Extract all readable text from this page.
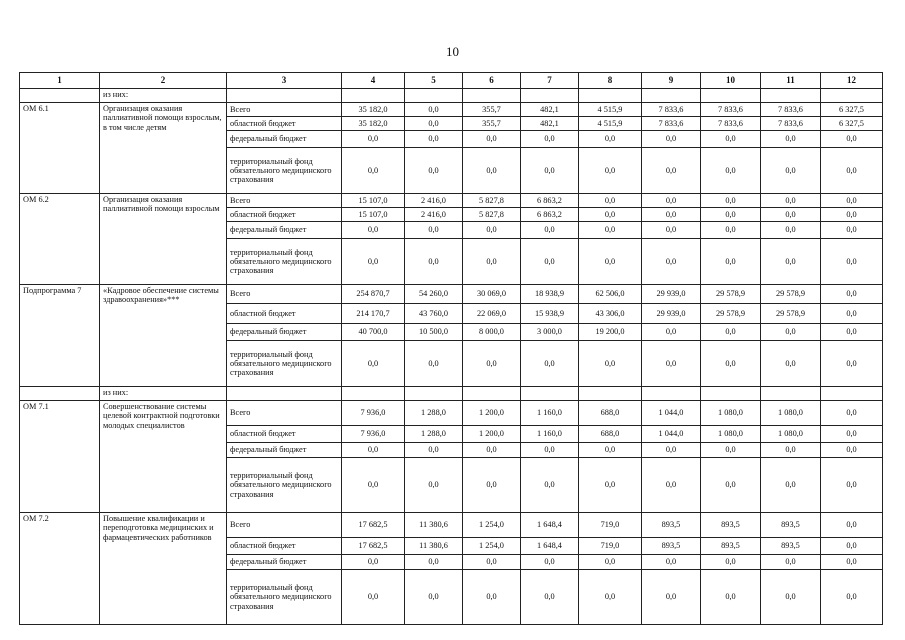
10
1	2	3	4	5	6	7	8	9	10	11	12
	из них:										
ОМ 6.1	Организация оказания паллиативной помощи взрослым, в том числе детям	Всего	35 182,0	0,0	355,7	482,1	4 515,9	7 833,6	7 833,6	7 833,6	6 327,5
		областной бюджет	35 182,0	0,0	355,7	482,1	4 515,9	7 833,6	7 833,6	7 833,6	6 327,5
		федеральный бюджет	0,0	0,0	0,0	0,0	0,0	0,0	0,0	0,0	0,0
		территориальный фонд обязательного медицинского страхования	0,0	0,0	0,0	0,0	0,0	0,0	0,0	0,0	0,0
ОМ 6.2	Организация оказания паллиативной помощи взрослым	Всего	15 107,0	2 416,0	5 827,8	6 863,2	0,0	0,0	0,0	0,0	0,0
		областной бюджет	15 107,0	2 416,0	5 827,8	6 863,2	0,0	0,0	0,0	0,0	0,0
		федеральный бюджет	0,0	0,0	0,0	0,0	0,0	0,0	0,0	0,0	0,0
		территориальный фонд обязательного медицинского страхования	0,0	0,0	0,0	0,0	0,0	0,0	0,0	0,0	0,0
Подпрограмма 7	«Кадровое обеспечение системы здравоохранения»***	Всего	254 870,7	54 260,0	30 069,0	18 938,9	62 506,0	29 939,0	29 578,9	29 578,9	0,0
		областной бюджет	214 170,7	43 760,0	22 069,0	15 938,9	43 306,0	29 939,0	29 578,9	29 578,9	0,0
		федеральный бюджет	40 700,0	10 500,0	8 000,0	3 000,0	19 200,0	0,0	0,0	0,0	0,0
		территориальный фонд обязательного медицинского страхования	0,0	0,0	0,0	0,0	0,0	0,0	0,0	0,0	0,0
	из них:										
ОМ 7.1	Совершенствование системы целевой контрактной подготовки молодых специалистов	Всего	7 936,0	1 288,0	1 200,0	1 160,0	688,0	1 044,0	1 080,0	1 080,0	0,0
		областной бюджет	7 936,0	1 288,0	1 200,0	1 160,0	688,0	1 044,0	1 080,0	1 080,0	0,0
		федеральный бюджет	0,0	0,0	0,0	0,0	0,0	0,0	0,0	0,0	0,0
		территориальный фонд обязательного медицинского страхования	0,0	0,0	0,0	0,0	0,0	0,0	0,0	0,0	0,0
ОМ 7.2	Повышение квалификации и переподготовка медицинских и фармацевтических работников	Всего	17 682,5	11 380,6	1 254,0	1 648,4	719,0	893,5	893,5	893,5	0,0
		областной бюджет	17 682,5	11 380,6	1 254,0	1 648,4	719,0	893,5	893,5	893,5	0,0
		федеральный бюджет	0,0	0,0	0,0	0,0	0,0	0,0	0,0	0,0	0,0
		территориальный фонд обязательного медицинского страхования	0,0	0,0	0,0	0,0	0,0	0,0	0,0	0,0	0,0
